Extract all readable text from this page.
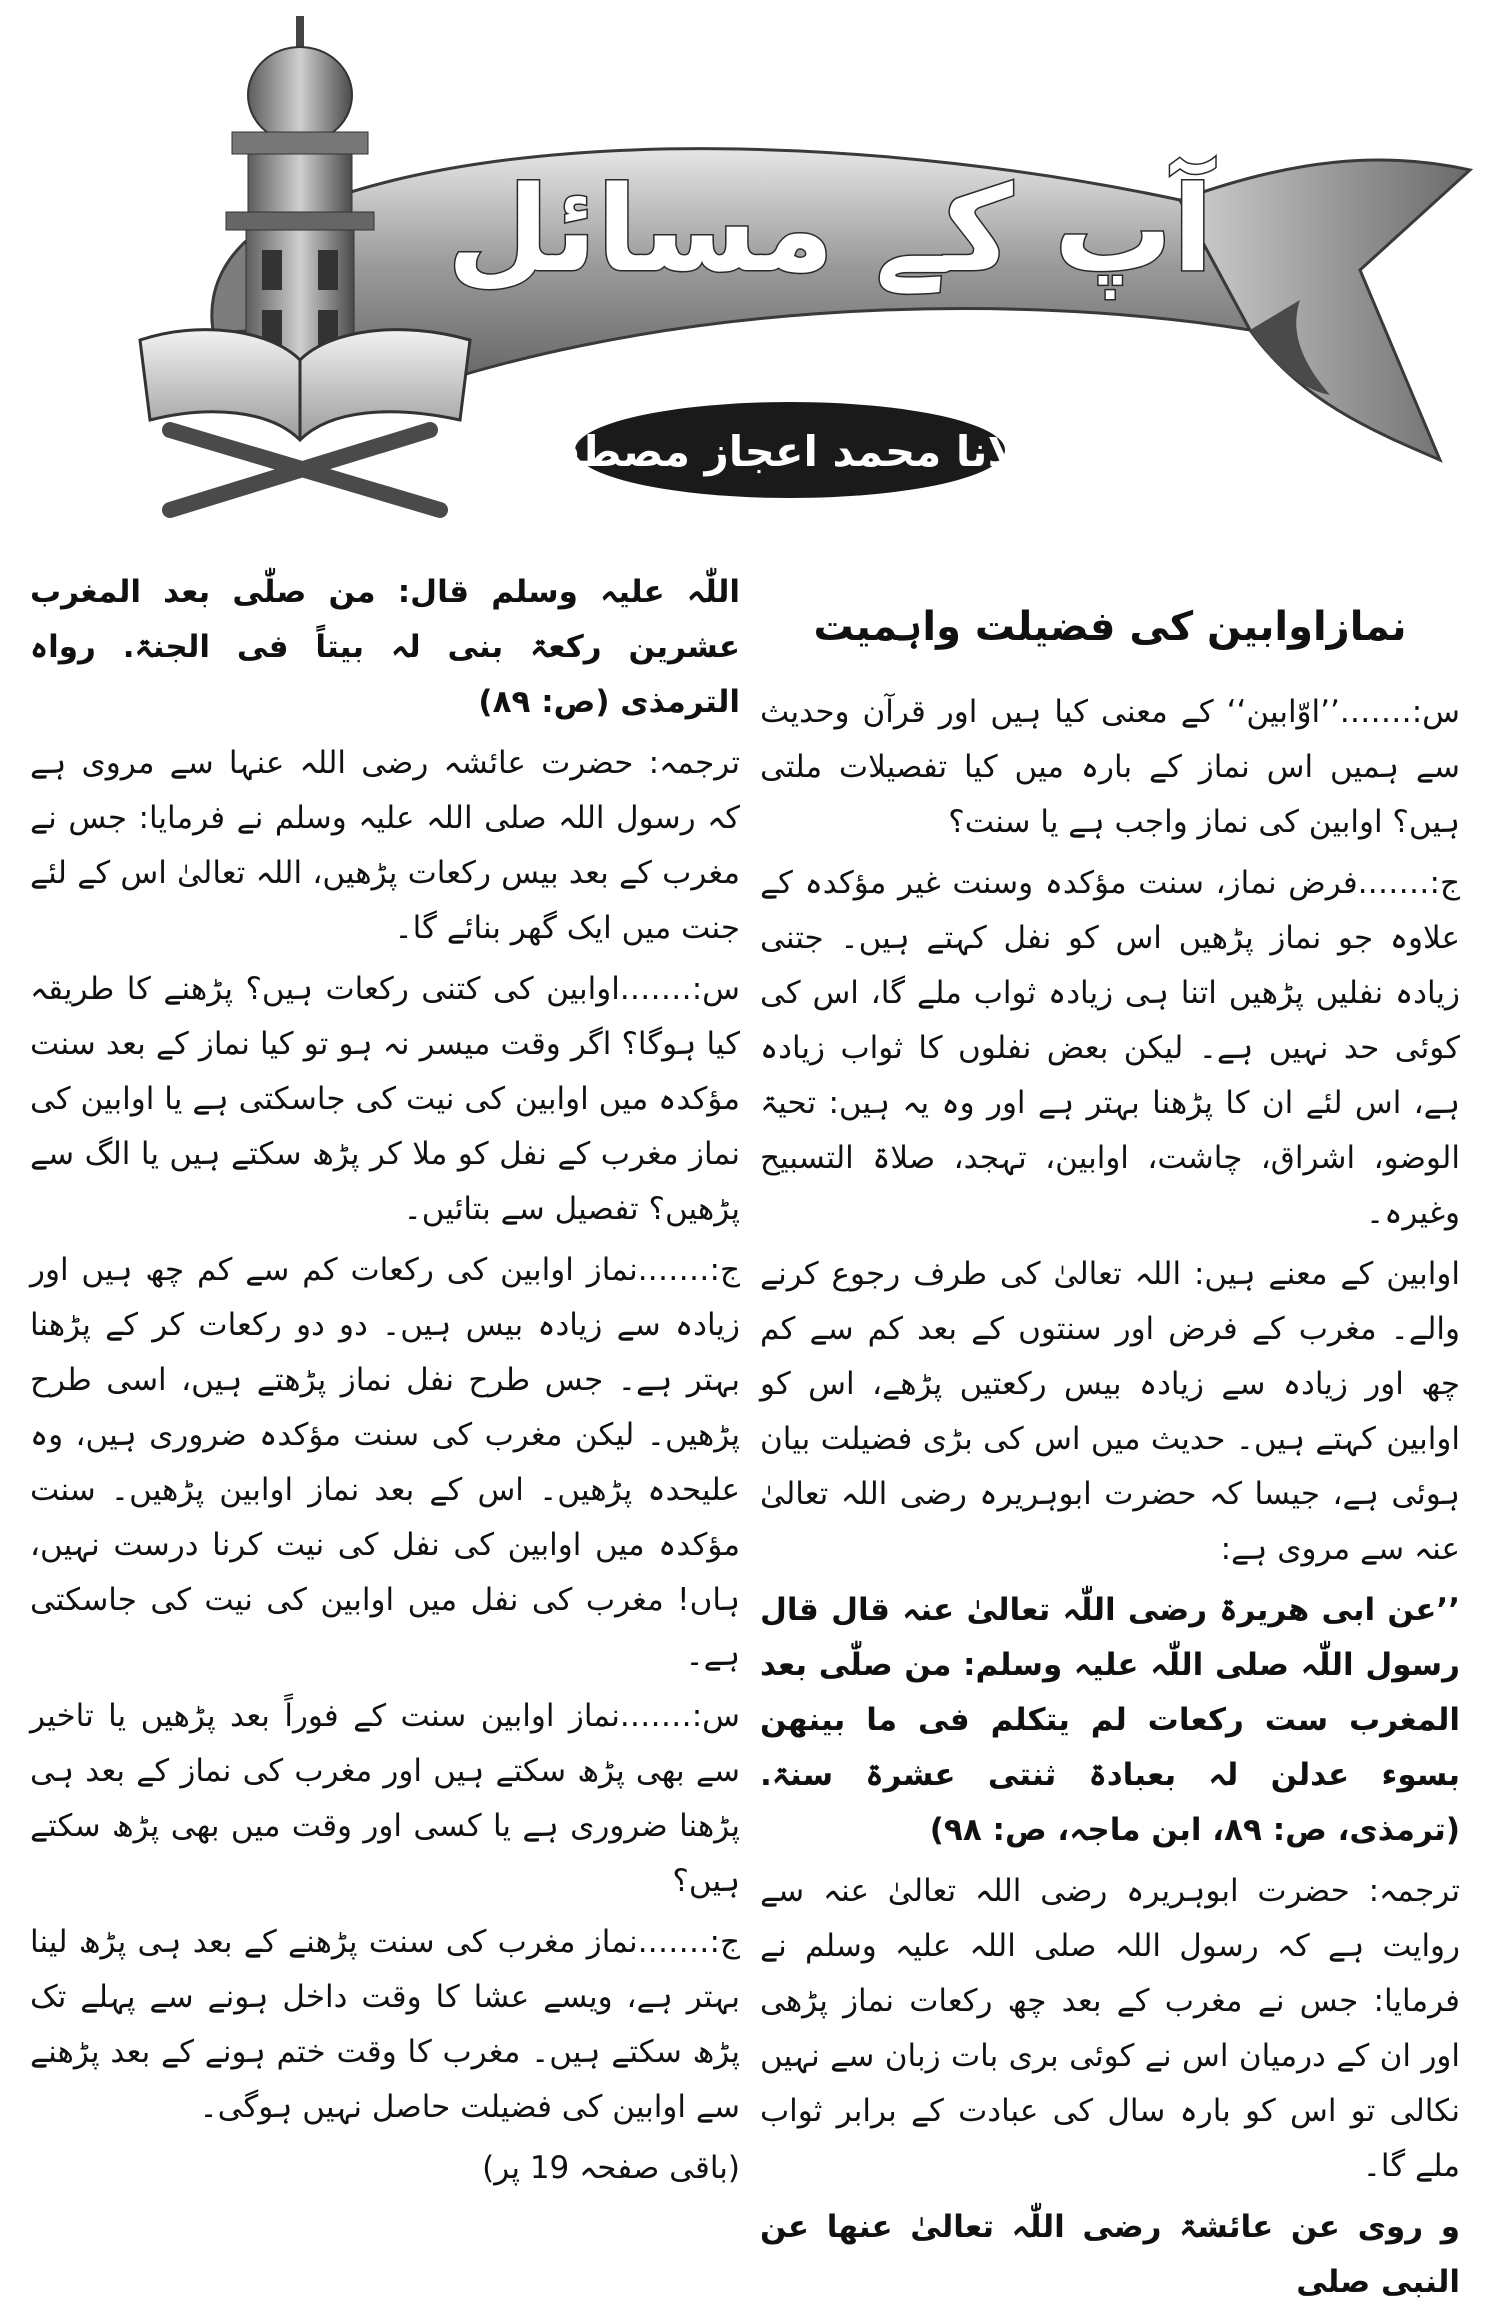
مولانا محمد اعجاز مصطفیٰ
آپ کے مسائل
نمازاوابین کی فضیلت واہمیت

س:…….’’اوّابین‘‘ کے معنی کیا ہیں اور قرآن وحدیث سے ہمیں اس نماز کے بارہ میں کیا تفصیلات ملتی ہیں؟ اوابین کی نماز واجب ہے یا سنت؟

ج:…….فرض نماز، سنت مؤکدہ وسنت غیر مؤکدہ کے علاوہ جو نماز پڑھیں اس کو نفل کہتے ہیں۔ جتنی زیادہ نفلیں پڑھیں اتنا ہی زیادہ ثواب ملے گا، اس کی کوئی حد نہیں ہے۔ لیکن بعض نفلوں کا ثواب زیادہ ہے، اس لئے ان کا پڑھنا بہتر ہے اور وہ یہ ہیں: تحیۃ الوضو، اشراق، چاشت، اوابین، تہجد، صلاۃ التسبیح وغیرہ۔

اوابین کے معنے ہیں: اللہ تعالیٰ کی طرف رجوع کرنے والے۔ مغرب کے فرض اور سنتوں کے بعد کم سے کم چھ اور زیادہ سے زیادہ بیس رکعتیں پڑھے، اس کو اوابین کہتے ہیں۔ حدیث میں اس کی بڑی فضیلت بیان ہوئی ہے، جیسا کہ حضرت ابوہریرہ رضی اللہ تعالیٰ عنہ سے مروی ہے:

’’عن ابی ھریرۃ رضی اللّٰہ تعالیٰ عنہ قال قال رسول اللّٰہ صلی اللّٰہ علیہ وسلم: من صلّٰی بعد المغرب ست رکعات لم یتکلم فی ما بینھن بسوء عدلن لہ بعبادۃ ثنتی عشرۃ سنۃ. (ترمذی، ص: ۸۹، ابن ماجہ، ص: ۹۸)

ترجمہ: حضرت ابوہریرہ رضی اللہ تعالیٰ عنہ سے روایت ہے کہ رسول اللہ صلی اللہ علیہ وسلم نے فرمایا: جس نے مغرب کے بعد چھ رکعات نماز پڑھی اور ان کے درمیان اس نے کوئی بری بات زبان سے نہیں نکالی تو اس کو بارہ سال کی عبادت کے برابر ثواب ملے گا۔

و روی عن عائشۃ رضی اللّٰہ تعالیٰ عنھا عن النبی صلی

اللّٰہ علیہ وسلم قال: من صلّٰی بعد المغرب عشرین رکعۃ بنی لہ بیتاً فی الجنۃ. رواہ الترمذی (ص: ۸۹)

ترجمہ: حضرت عائشہ رضی اللہ عنہا سے مروی ہے کہ رسول اللہ صلی اللہ علیہ وسلم نے فرمایا: جس نے مغرب کے بعد بیس رکعات پڑھیں، اللہ تعالیٰ اس کے لئے جنت میں ایک گھر بنائے گا۔

س:…….اوابین کی کتنی رکعات ہیں؟ پڑھنے کا طریقہ کیا ہوگا؟ اگر وقت میسر نہ ہو تو کیا نماز کے بعد سنت مؤکدہ میں اوابین کی نیت کی جاسکتی ہے یا اوابین کی نماز مغرب کے نفل کو ملا کر پڑھ سکتے ہیں یا الگ سے پڑھیں؟ تفصیل سے بتائیں۔

ج:…….نماز اوابین کی رکعات کم سے کم چھ ہیں اور زیادہ سے زیادہ بیس ہیں۔ دو دو رکعات کر کے پڑھنا بہتر ہے۔ جس طرح نفل نماز پڑھتے ہیں، اسی طرح پڑھیں۔ لیکن مغرب کی سنت مؤکدہ ضروری ہیں، وہ علیحدہ پڑھیں۔ اس کے بعد نماز اوابین پڑھیں۔ سنت مؤکدہ میں اوابین کی نفل کی نیت کرنا درست نہیں، ہاں! مغرب کی نفل میں اوابین کی نیت کی جاسکتی ہے۔

س:…….نماز اوابین سنت کے فوراً بعد پڑھیں یا تاخیر سے بھی پڑھ سکتے ہیں اور مغرب کی نماز کے بعد ہی پڑھنا ضروری ہے یا کسی اور وقت میں بھی پڑھ سکتے ہیں؟

ج:…….نماز مغرب کی سنت پڑھنے کے بعد ہی پڑھ لینا بہتر ہے، ویسے عشا کا وقت داخل ہونے سے پہلے تک پڑھ سکتے ہیں۔ مغرب کا وقت ختم ہونے کے بعد پڑھنے سے اوابین کی فضیلت حاصل نہیں ہوگی۔

(باقی صفحہ 19 پر)
